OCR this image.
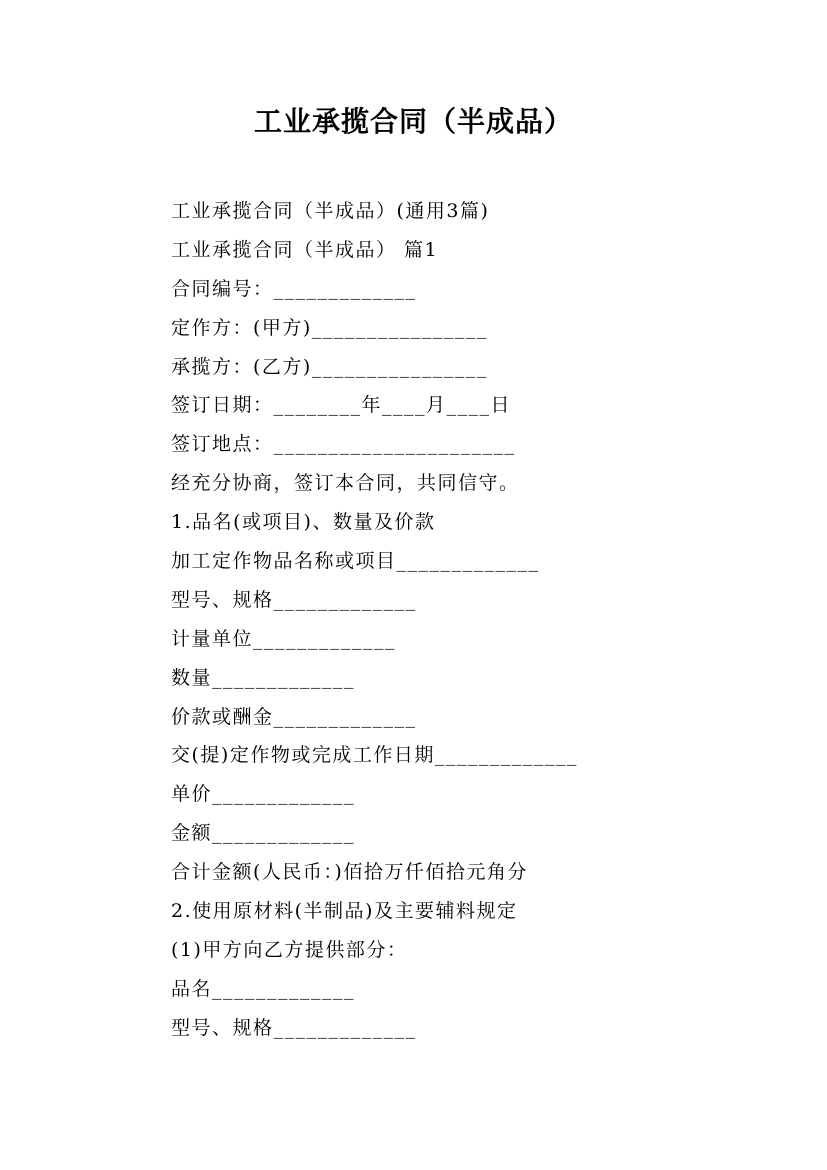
工业承揽合同（半成品）
工业承揽合同（半成品）(通用3篇)
工业承揽合同（半成品） 篇1
合同编号：_____________
定作方：(甲方)________________
承揽方：(乙方)________________
签订日期：________年____月____日
签订地点：______________________
经充分协商，签订本合同，共同信守。
1.品名(或项目)、数量及价款
加工定作物品名称或项目_____________
型号、规格_____________
计量单位_____________
数量_____________
价款或酬金_____________
交(提)定作物或完成工作日期_____________
单价_____________
金额_____________
合计金额(人民币：)佰拾万仟佰拾元角分
2.使用原材料(半制品)及主要辅料规定
(1)甲方向乙方提供部分：
品名_____________
型号、规格_____________
